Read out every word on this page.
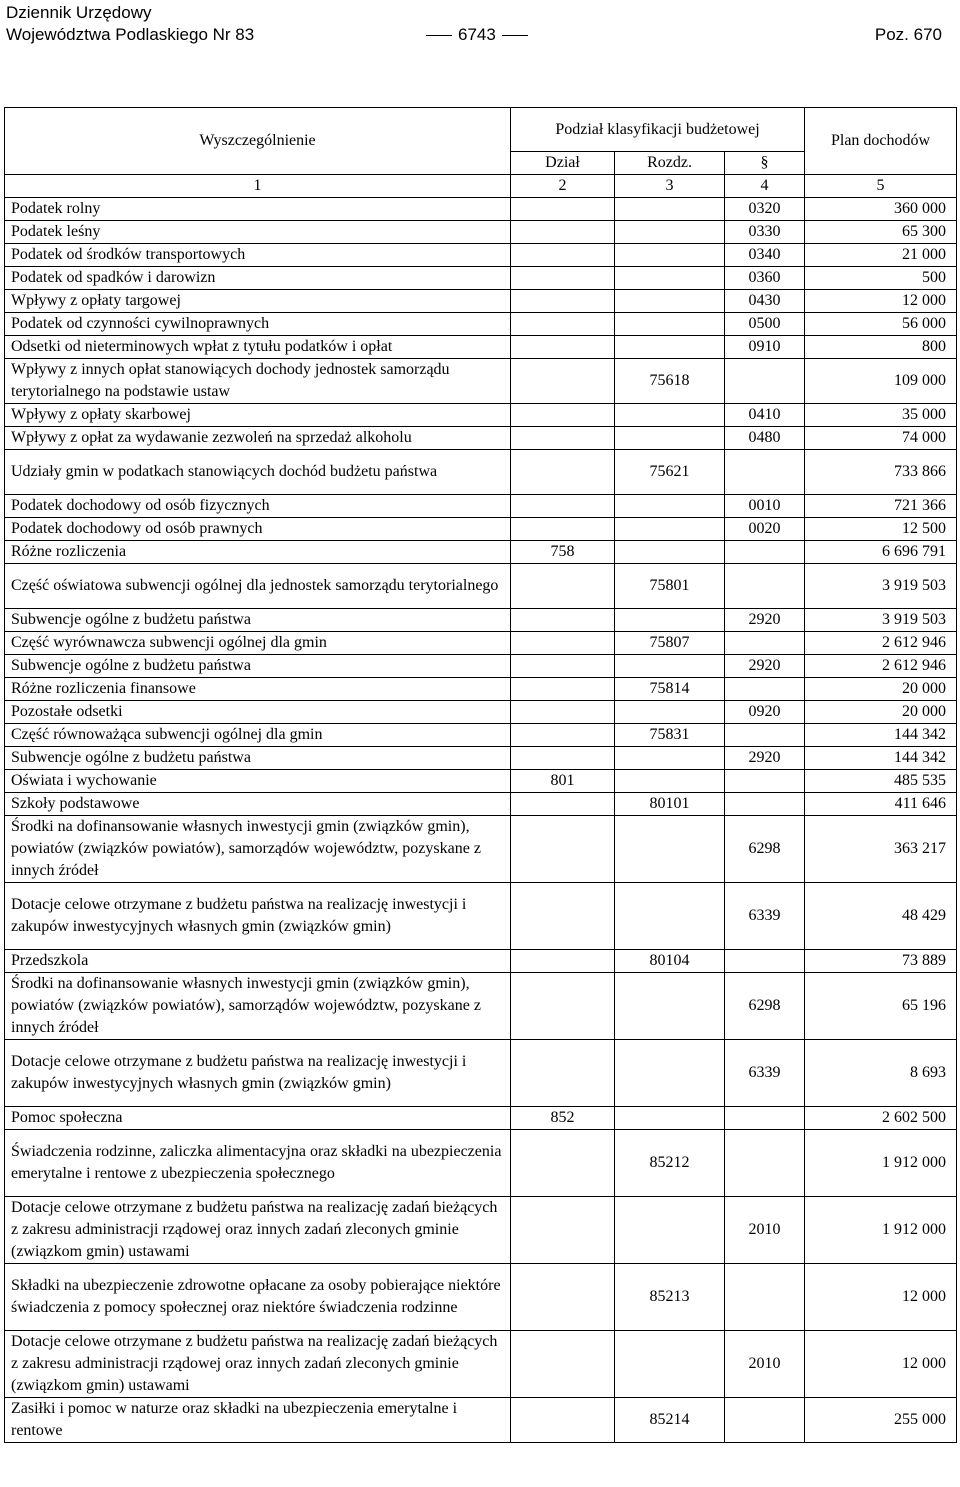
Dziennik Urzędowy
Województwa Podlaskiego Nr 83	6743	Poz. 670
Wyszczególnienie	Podział klasyfikacji budżetowej			Plan dochodów
	Dział	Rozdz.	§	
1	2	3	4	5
Podatek rolny			0320	360 000
Podatek leśny			0330	65 300
Podatek od środków transportowych			0340	21 000
Podatek od spadków i darowizn			0360	500
Wpływy z opłaty targowej			0430	12 000
Podatek od czynności cywilnoprawnych			0500	56 000
Odsetki od nieterminowych wpłat z tytułu podatków i opłat			0910	800
Wpływy z innych opłat stanowiących dochody jednostek samorządu terytorialnego na podstawie ustaw		75618		109 000
Wpływy z opłaty skarbowej			0410	35 000
Wpływy z opłat za wydawanie zezwoleń na sprzedaż alkoholu			0480	74 000
Udziały gmin w podatkach stanowiących dochód budżetu państwa		75621		733 866
Podatek dochodowy od osób fizycznych			0010	721 366
Podatek dochodowy od osób prawnych			0020	12 500
Różne rozliczenia	758			6 696 791
Część oświatowa subwencji ogólnej dla jednostek samorządu terytorialnego		75801		3 919 503
Subwencje ogólne z budżetu państwa			2920	3 919 503
Część wyrównawcza subwencji ogólnej dla gmin		75807		2 612 946
Subwencje ogólne z budżetu państwa			2920	2 612 946
Różne rozliczenia finansowe		75814		20 000
Pozostałe odsetki			0920	20 000
Część równoważąca subwencji ogólnej dla gmin		75831		144 342
Subwencje ogólne z budżetu państwa			2920	144 342
Oświata i wychowanie	801			485 535
Szkoły podstawowe		80101		411 646
Środki na dofinansowanie własnych inwestycji gmin (związków gmin), powiatów (związków powiatów), samorządów województw, pozyskane z innych źródeł			6298	363 217
Dotacje celowe otrzymane z budżetu państwa na realizację inwestycji i zakupów inwestycyjnych własnych gmin (związków gmin)			6339	48 429
Przedszkola		80104		73 889
Środki na dofinansowanie własnych inwestycji gmin (związków gmin), powiatów (związków powiatów), samorządów województw, pozyskane z innych źródeł			6298	65 196
Dotacje celowe otrzymane z budżetu państwa na realizację inwestycji i zakupów inwestycyjnych własnych gmin (związków gmin)			6339	8 693
Pomoc społeczna	852			2 602 500
Świadczenia rodzinne, zaliczka alimentacyjna oraz składki na ubezpieczenia emerytalne i rentowe z ubezpieczenia społecznego		85212		1 912 000
Dotacje celowe otrzymane z budżetu państwa na realizację zadań bieżących z zakresu administracji rządowej oraz innych zadań zleconych gminie (związkom gmin) ustawami			2010	1 912 000
Składki na ubezpieczenie zdrowotne opłacane za osoby pobierające niektóre świadczenia z pomocy społecznej oraz niektóre świadczenia rodzinne		85213		12 000
Dotacje celowe otrzymane z budżetu państwa na realizację zadań bieżących z zakresu administracji rządowej oraz innych zadań zleconych gminie (związkom gmin) ustawami			2010	12 000
Zasiłki i pomoc w naturze oraz składki na ubezpieczenia emerytalne i rentowe		85214		255 000
